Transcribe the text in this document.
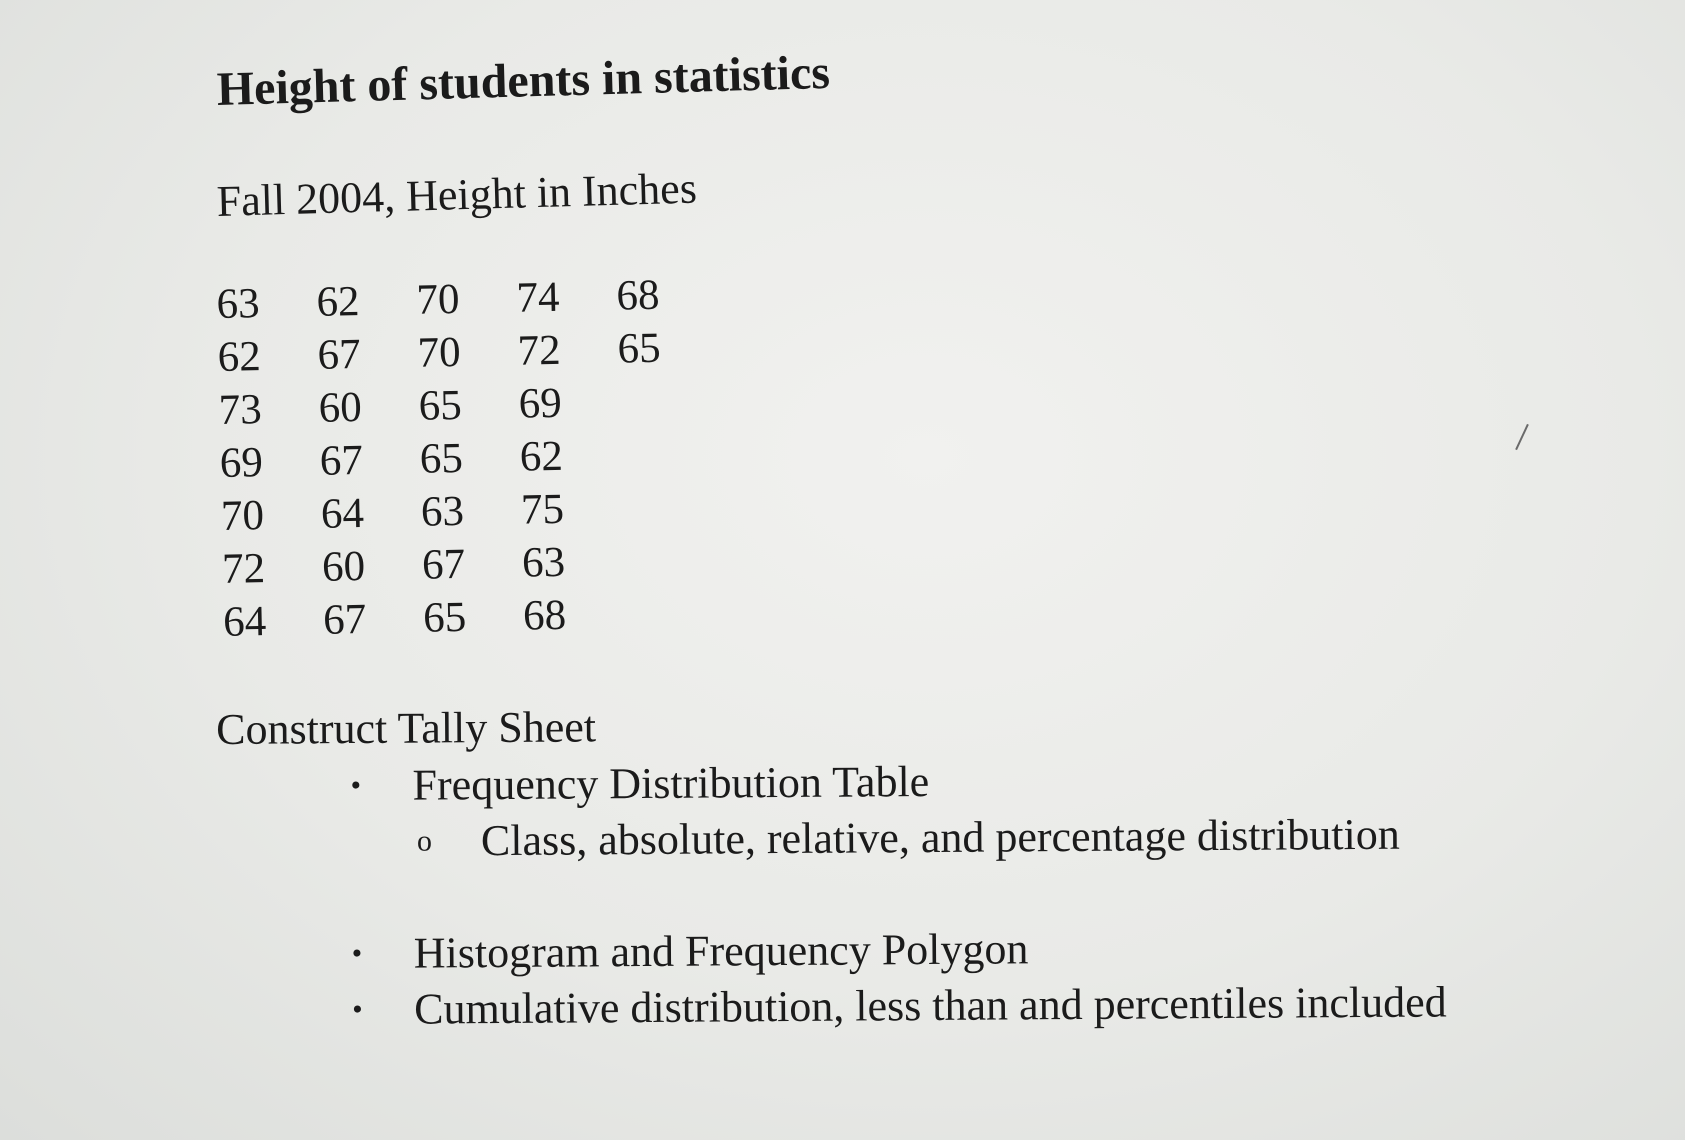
Height of students in statistics
Fall 2004, Height in Inches
63	62	70	74	68
62	67	70	72	65
73	60	65	69	
69	67	65	62	
70	64	63	75	
72	60	67	63	
64	67	65	68	
Construct Tally Sheet
• Frequency Distribution Table
o Class, absolute, relative, and percentage distribution
• Histogram and Frequency Polygon
• Cumulative distribution, less than and percentiles included
